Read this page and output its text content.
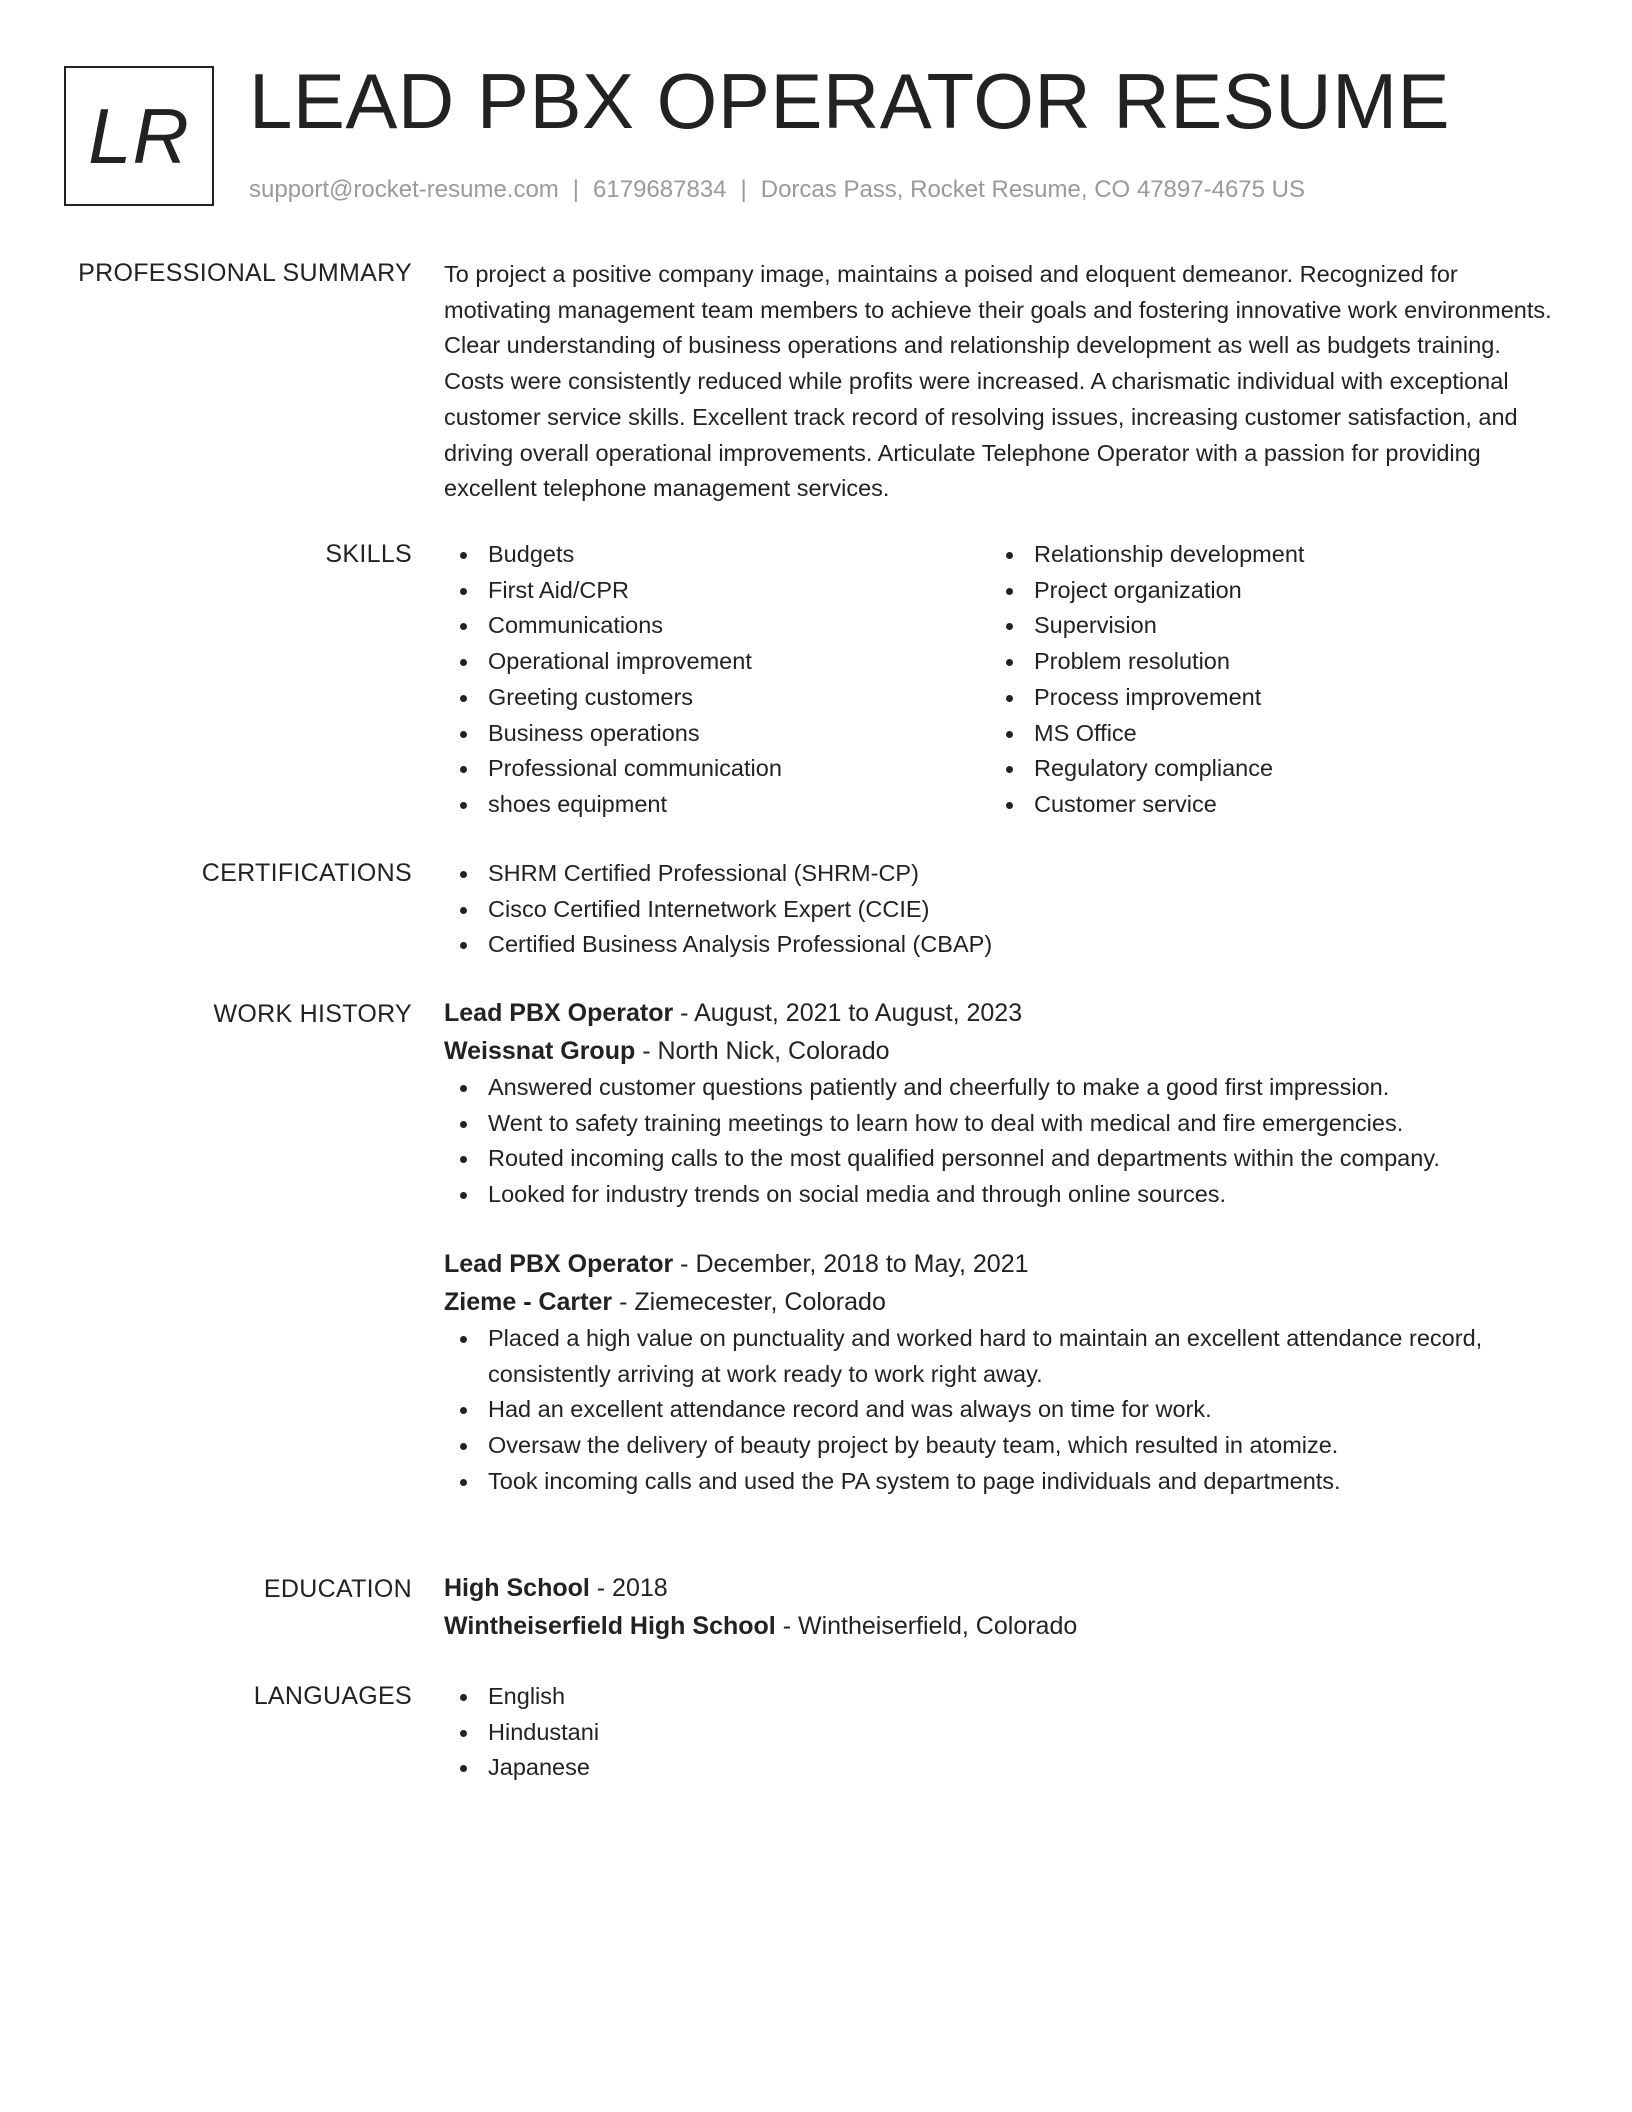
LR LEAD PBX OPERATOR RESUME
support@rocket-resume.com | 6179687834 | Dorcas Pass, Rocket Resume, CO 47897-4675 US
PROFESSIONAL SUMMARY To project a positive company image, maintains a poised and eloquent demeanor. Recognized for motivating management team members to achieve their goals and fostering innovative work environments. Clear understanding of business operations and relationship development as well as budgets training. Costs were consistently reduced while profits were increased. A charismatic individual with exceptional customer service skills. Excellent track record of resolving issues, increasing customer satisfaction, and driving overall operational improvements. Articulate Telephone Operator with a passion for providing excellent telephone management services.

SKILLS	Budgets
First Aid/CPR
Communications
Operational improvement
Greeting customers
Business operations
Professional communication
shoes equipment
Relationship development
Project organization
Supervision
Problem resolution
Process improvement
MS Office
Regulatory compliance
Customer service
CERTIFICATIONS	SHRM Certified Professional (SHRM-CP)
Cisco Certified Internetwork Expert (CCIE)
Certified Business Analysis Professional (CBAP)
WORK HISTORY Lead PBX Operator - August, 2021 to August, 2023
Weissnat Group - North Nick, Colorado
Answered customer questions patiently and cheerfully to make a good first impression.
Went to safety training meetings to learn how to deal with medical and fire emergencies.
Routed incoming calls to the most qualified personnel and departments within the company.
Looked for industry trends on social media and through online sources.
Lead PBX Operator - December, 2018 to May, 2021
Zieme - Carter - Ziemecester, Colorado
Placed a high value on punctuality and worked hard to maintain an excellent attendance record, consistently arriving at work ready to work right away.
Had an excellent attendance record and was always on time for work.
Oversaw the delivery of beauty project by beauty team, which resulted in atomize.
Took incoming calls and used the PA system to page individuals and departments.
EDUCATION High School - 2018
Wintheiserfield High School - Wintheiserfield, Colorado
LANGUAGES	English
Hindustani
Japanese
